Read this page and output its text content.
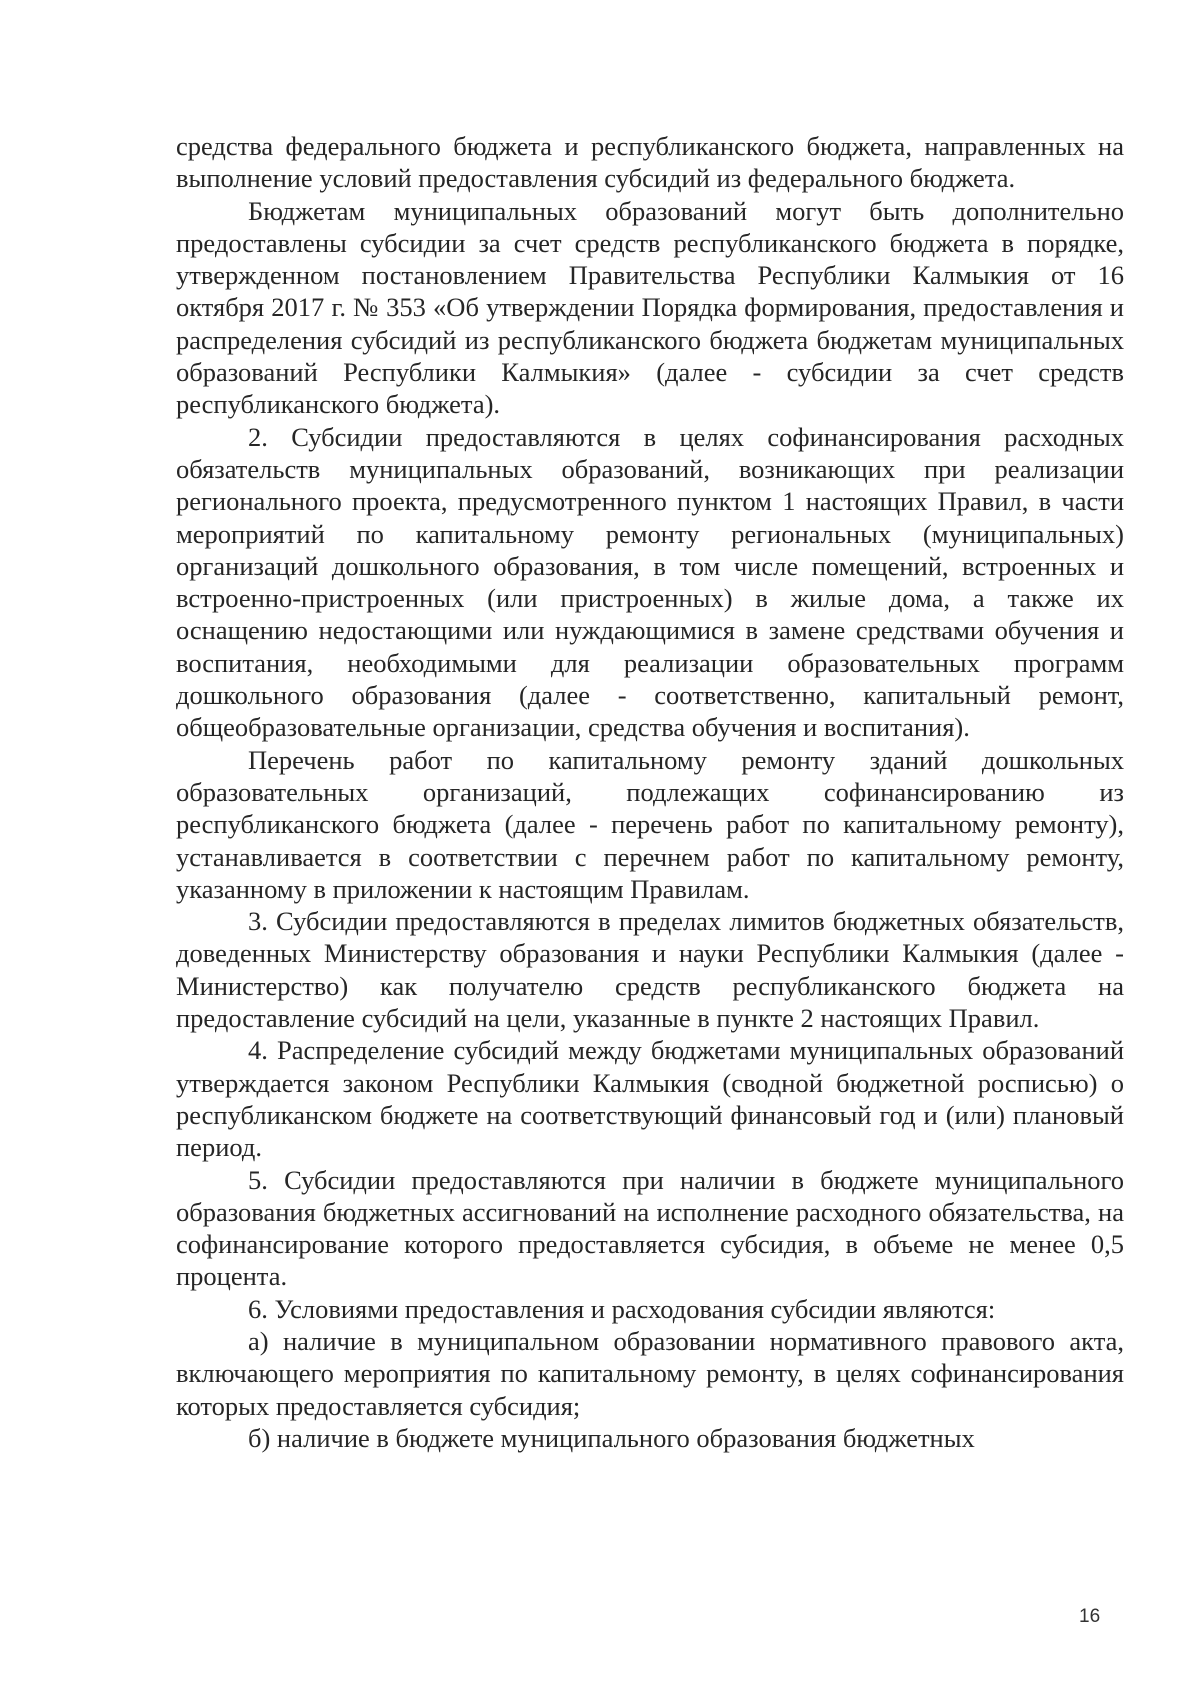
средства федерального бюджета и республиканского бюджета, направленных на выполнение условий предоставления субсидий из федерального бюджета.

Бюджетам муниципальных образований могут быть дополнительно предоставлены субсидии за счет средств республиканского бюджета в порядке, утвержденном постановлением Правительства Республики Калмыкия от 16 октября 2017 г. № 353 «Об утверждении Порядка формирования, предоставления и распределения субсидий из республиканского бюджета бюджетам муниципальных образований Республики Калмыкия» (далее - субсидии за счет средств республиканского бюджета).

2. Субсидии предоставляются в целях софинансирования расходных обязательств муниципальных образований, возникающих при реализации регионального проекта, предусмотренного пунктом 1 настоящих Правил, в части мероприятий по капитальному ремонту региональных (муниципальных) организаций дошкольного образования, в том числе помещений, встроенных и встроенно-пристроенных (или пристроенных) в жилые дома, а также их оснащению недостающими или нуждающимися в замене средствами обучения и воспитания, необходимыми для реализации образовательных программ дошкольного образования (далее - соответственно, капитальный ремонт, общеобразовательные организации, средства обучения и воспитания).

Перечень работ по капитальному ремонту зданий дошкольных образовательных организаций, подлежащих софинансированию из республиканского бюджета (далее - перечень работ по капитальному ремонту), устанавливается в соответствии с перечнем работ по капитальному ремонту, указанному в приложении к настоящим Правилам.

3. Субсидии предоставляются в пределах лимитов бюджетных обязательств, доведенных Министерству образования и науки Республики Калмыкия (далее - Министерство) как получателю средств республиканского бюджета на предоставление субсидий на цели, указанные в пункте 2 настоящих Правил.

4. Распределение субсидий между бюджетами муниципальных образований утверждается законом Республики Калмыкия (сводной бюджетной росписью) о республиканском бюджете на соответствующий финансовый год и (или) плановый период.

5. Субсидии предоставляются при наличии в бюджете муниципального образования бюджетных ассигнований на исполнение расходного обязательства, на софинансирование которого предоставляется субсидия, в объеме не менее 0,5 процента.

6. Условиями предоставления и расходования субсидии являются:

а) наличие в муниципальном образовании нормативного правового акта, включающего мероприятия по капитальному ремонту, в целях софинансирования которых предоставляется субсидия;

б) наличие в бюджете муниципального образования бюджетных

16
